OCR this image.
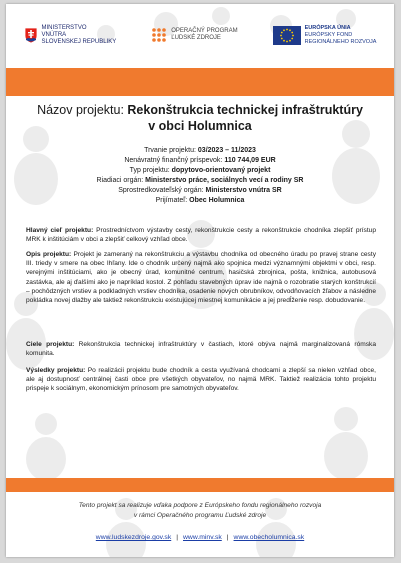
MINISTERSTVO
VNÚTRA
SLOVENSKEJ REPUBLIKY
OPERAČNÝ PROGRAM
ĽUDSKÉ ZDROJE
EURÓPSKA ÚNIA
EURÓPSKY FOND
REGIONÁLNEHO ROZVOJA
Názov projektu: Rekonštrukcia technickej infraštruktúry
v obci Holumnica
Trvanie projektu: 03/2023 – 11/2023
Nenávratný finančný príspevok: 110 744,09 EUR
Typ projektu: dopytovo-orientovaný projekt
Riadiaci orgán: Ministerstvo práce, sociálnych vecí a rodiny SR
Sprostredkovateľský orgán: Ministerstvo vnútra SR
Prijímateľ: Obec Holumnica
Hlavný cieľ projektu: Prostredníctvom výstavby cesty, rekonštrukcie cesty a rekonštrukcie chodníka zlepšiť prístup MRK k inštitúciám v obci a zlepšiť celkový vzhľad obce.
Opis projektu: Projekt je zameraný na rekonštrukciu a výstavbu chodníka od obecného úradu po pravej strane cesty III. triedy v smere na obec Ihľany. Ide o chodník určený najmä ako spojnica medzi významnými objektmi v obci, resp. verejnými inštitúciami, ako je obecný úrad, komunitné centrum, hasičská zbrojnica, pošta, knižnica, autobusová zastávka, ale aj ďalšími ako je napríklad kostol. Z pohľadu stavebných úprav ide najmä o rozobratie starých konštrukcií – pochôdzných vrstiev a podkladných vrstiev chodníka, osadenie nových obrubníkov, odvodňovacích žľabov a následne pokládka novej dlažby ale taktiež rekonštrukciu existujúcej miestnej komunikácie a jej predĺženie resp. dobudovanie.
Ciele projektu: Rekonštrukcia technickej infraštruktúry v častiach, ktoré obýva najmä marginalizovaná rómska komunita.
Výsledky projektu: Po realizácii projektu bude chodník a cesta využívaná chodcami a zlepší sa nielen vzhľad obce, ale aj dostupnosť centrálnej časti obce pre všetkých obyvateľov, no najmä MRK. Taktiež realizácia tohto projektu prispeje k sociálnym, ekonomickým prínosom pre samotných obyvateľov.
Tento projekt sa realizuje vďaka podpore z Európskeho fondu regionálneho rozvoja
v rámci Operačného programu Ľudské zdroje
www.ludskezdroje.gov.sk | www.minv.sk | www.obecholumnica.sk
